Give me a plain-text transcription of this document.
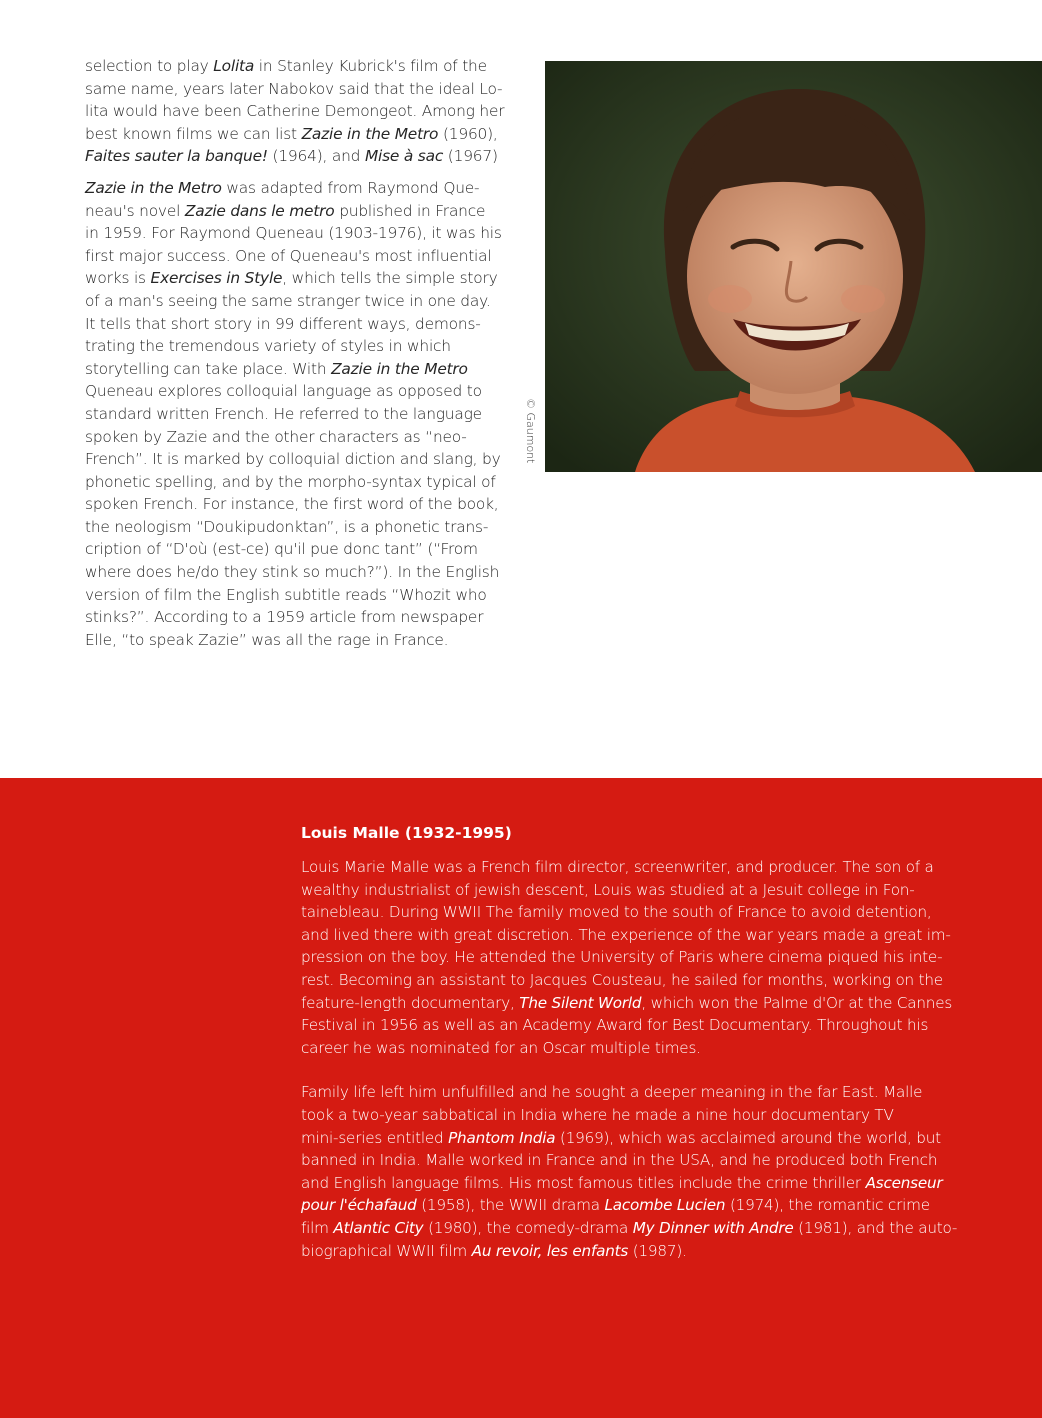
selection to play Lolita in Stanley Kubrick's film of the
same name, years later Nabokov said that the ideal Lo-
lita would have been Catherine Demongeot. Among her
best known films we can list Zazie in the Metro (1960),
Faites sauter la banque! (1964), and Mise à sac (1967)

Zazie in the Metro was adapted from Raymond Que-
neau's novel Zazie dans le metro published in France
in 1959. For Raymond Queneau (1903-1976), it was his
first major success. One of Queneau's most influential
works is Exercises in Style, which tells the simple story
of a man's seeing the same stranger twice in one day.
It tells that short story in 99 different ways, demons-
trating the tremendous variety of styles in which
storytelling can take place. With Zazie in the Metro
Queneau explores colloquial language as opposed to
standard written French. He referred to the language
spoken by Zazie and the other characters as “neo-
French”. It is marked by colloquial diction and slang, by
phonetic spelling, and by the morpho-syntax typical of
spoken French. For instance, the first word of the book,
the neologism “Doukipudonktan”, is a phonetic trans-
cription of “D'où (est-ce) qu'il pue donc tant” (“From
where does he/do they stink so much?”). In the English
version of film the English subtitle reads “Whozit who
stinks?”. According to a 1959 article from newspaper
Elle, “to speak Zazie” was all the rage in France.

© Gaumont
Louis Malle (1932-1995)

Louis Marie Malle was a French film director, screenwriter, and producer. The son of a
wealthy industrialist of jewish descent, Louis was studied at a Jesuit college in Fon-
tainebleau. During WWII The family moved to the south of France to avoid detention,
and lived there with great discretion. The experience of the war years made a great im-
pression on the boy. He attended the University of Paris where cinema piqued his inte-
rest. Becoming an assistant to Jacques Cousteau, he sailed for months, working on the
feature-length documentary, The Silent World, which won the Palme d'Or at the Cannes
Festival in 1956 as well as an Academy Award for Best Documentary. Throughout his
career he was nominated for an Oscar multiple times.

Family life left him unfulfilled and he sought a deeper meaning in the far East. Malle
took a two-year sabbatical in India where he made a nine hour documentary TV
mini-series entitled Phantom India (1969), which was acclaimed around the world, but
banned in India. Malle worked in France and in the USA, and he produced both French
and English language films. His most famous titles include the crime thriller Ascenseur
pour l'échafaud (1958), the WWII drama Lacombe Lucien (1974), the romantic crime
film Atlantic City (1980), the comedy-drama My Dinner with Andre (1981), and the auto-
biographical WWII film Au revoir, les enfants (1987).
